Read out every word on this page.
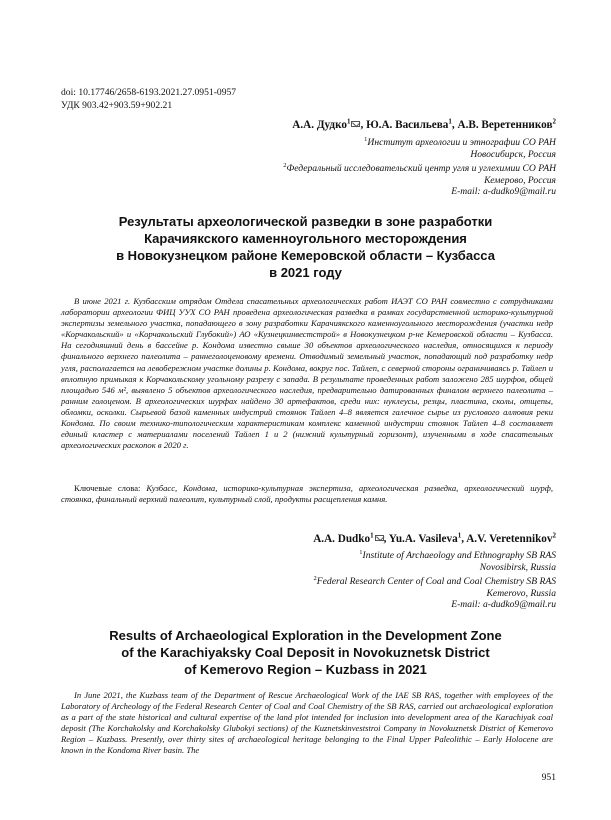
doi: 10.17746/2658-6193.2021.27.0951-0957
УДК 903.42+903.59+902.21
А.А. Дудко$^1$ , Ю.А. Васильева$^1$, А.В. Веретенников$^2$
$^1$Институт археологии и этнографии СО РАН
Новосибирск, Россия
$^2$Федеральный исследовательский центр угля и углехимии СО РАН
Кемерово, Россия
E-mail: a-dudko9@mail.ru
Результаты археологической разведки в зоне разработки
Карачиякского каменноугольного месторождения
в Новокузнецком районе Кемеровской области – Кузбасса
в 2021 году
В июне 2021 г. Кузбасским отрядом Отдела спасательных археологических работ ИАЭТ СО РАН совместно с сотрудниками лаборатории археологии ФИЦ УУХ СО РАН проведена археологическая разведка в рамках государственной историко-культурной экспертизы земельного участка, попадающего в зону разработки Карачиякского каменноугольного месторождения (участки недр «Корчакольский» и «Корчакольский Глубокий») АО «Кузнецкинвестстрой» в Новокузнецком р-не Кемеровской области – Кузбасса. На сегодняшний день в бассейне р. Кондома известно свыше 30 объектов археологического наследия, относящихся к периоду финального верхнего палеолита – раннеголоценовому времени. Отводимый земельный участок, попадающий под разработку недр угля, располагается на левобережном участке долины р. Кондома, вокруг пос. Тайлеп, с северной стороны ограничиваясь р. Тайлеп и вплотную примыкая к Корчакольскому угольному разрезу с запада. В результате проведенных работ заложено 285 шурфов, общей площадью 546 м², выявлено 5 объектов археологического наследия, предварительно датированных финалом верхнего палеолита – ранним голоценом. В археологических шурфах найдено 30 артефактов, среди них: нуклеусы, резцы, пластина, сколы, отщепы, обломки, осколки. Сырьевой базой каменных индустрий стоянок Тайлеп 4–8 является галечное сырье из руслового аллювия реки Кондома. По своим технико-типологическим характеристикам комплекс каменной индустрии стоянок Тайлеп 4–8 составляет единый кластер с материалами поселений Тайлеп 1 и 2 (нижний культурный горизонт), изученными в ходе спасательных археологических раскопок в 2020 г.
Ключевые слова: Кузбасс, Кондома, историко-культурная экспертиза, археологическая разведка, археологический шурф, стоянка, финальный верхний палеолит, культурный слой, продукты расщепления камня.
A.A. Dudko$^1$ , Yu.A. Vasileva$^1$, A.V. Veretennikov$^2$
$^1$Institute of Archaeology and Ethnography SB RAS
Novosibirsk, Russia
$^2$Federal Research Center of Coal and Coal Chemistry SB RAS
Kemerovo, Russia
E-mail: a-dudko9@mail.ru
Results of Archaeological Exploration in the Development Zone
of the Karachiyaksky Coal Deposit in Novokuznetsk District
of Kemerovo Region – Kuzbass in 2021
In June 2021, the Kuzbass team of the Department of Rescue Archaeological Work of the IAE SB RAS, together with employees of the Laboratory of Archeology of the Federal Research Center of Coal and Coal Chemistry of the SB RAS, carried out archaeological exploration as a part of the state historical and cultural expertise of the land plot intended for inclusion into development area of the Karachiyak coal deposit (The Korchakolsky and Korchakolsky Glubokyi sections) of the Kuznetskinveststroi Company in Novokuznetsk District of Kemerovo Region – Kuzbass. Presently, over thirty sites of archaeological heritage belonging to the Final Upper Paleolithic – Early Holocene are known in the Kondoma River basin. The
951
